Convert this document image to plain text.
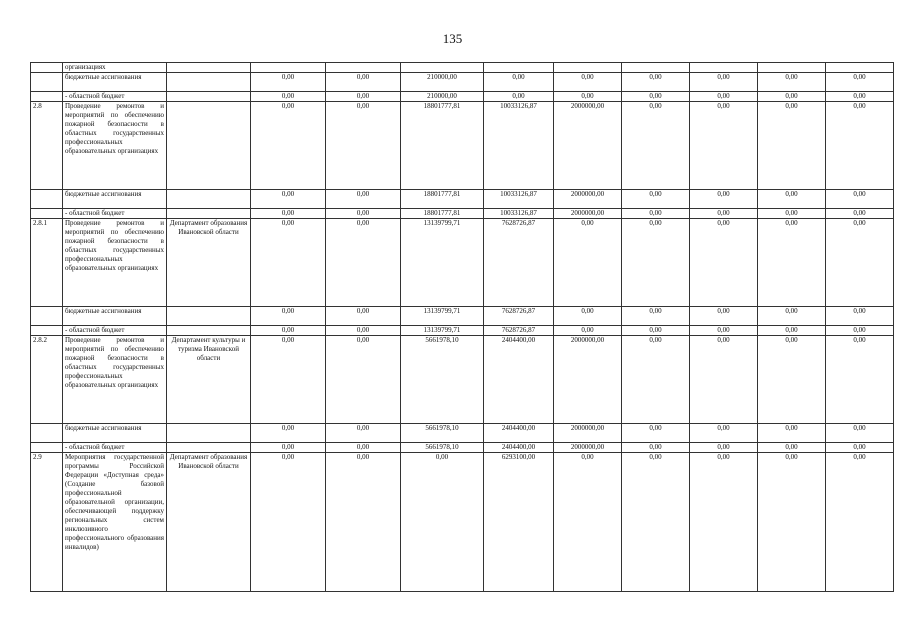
135
	организациях										
	бюджетные ассигнования		0,00	0,00	210000,00	0,00	0,00	0,00	0,00	0,00	0,00
	- областной бюджет		0,00	0,00	210000,00	0,00	0,00	0,00	0,00	0,00	0,00
2.8	Проведение ремонтов и мероприятий по обеспечению пожарной безопасности в областных государственных профессиональных образовательных организациях		0,00	0,00	18801777,81	10033126,87	2000000,00	0,00	0,00	0,00	0,00
	бюджетные ассигнования		0,00	0,00	18801777,81	10033126,87	2000000,00	0,00	0,00	0,00	0,00
	- областной бюджет		0,00	0,00	18801777,81	10033126,87	2000000,00	0,00	0,00	0,00	0,00
2.8.1	Проведение ремонтов и мероприятий по обеспечению пожарной безопасности в областных государственных профессиональных образовательных организациях	Департамент образования Ивановской области	0,00	0,00	13139799,71	7628726,87	0,00	0,00	0,00	0,00	0,00
	бюджетные ассигнования		0,00	0,00	13139799,71	7628726,87	0,00	0,00	0,00	0,00	0,00
	- областной бюджет		0,00	0,00	13139799,71	7628726,87	0,00	0,00	0,00	0,00	0,00
2.8.2	Проведение ремонтов и мероприятий по обеспечению пожарной безопасности в областных государственных профессиональных образовательных организациях	Департамент культуры и туризма Ивановской области	0,00	0,00	5661978,10	2404400,00	2000000,00	0,00	0,00	0,00	0,00
	бюджетные ассигнования		0,00	0,00	5661978,10	2404400,00	2000000,00	0,00	0,00	0,00	0,00
	- областной бюджет		0,00	0,00	5661978,10	2404400,00	2000000,00	0,00	0,00	0,00	0,00
2.9	Мероприятия государственной программы Российской Федерации «Доступная среда» (Создание базовой профессиональной образовательной организации, обеспечивающей поддержку региональных систем инклюзивного профессионального образования инвалидов)	Департамент образования Ивановской области	0,00	0,00	0,00	6293100,00	0,00	0,00	0,00	0,00	0,00
